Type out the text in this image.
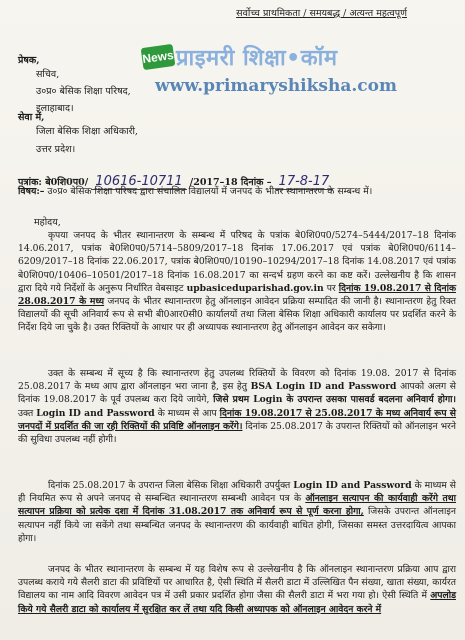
सर्वोच्च प्राथमिकता / समयबद्ध / अत्यन्त महत्वपूर्ण
News प्राइमरी शिक्षा•कॉम
www.primaryshiksha.com
प्रेषक,
सचिव,
उ०प्र० बेसिक शिक्षा परिषद,
इलाहाबाद।
सेवा में,
जिला बेसिक शिक्षा अधिकारी,
उत्तर प्रदेश।
पत्रांक: बे0शि0प0/ 10616-10711 /2017–18 दिनांक – 17-8-17
विषय:– उ०प्र० बेसिक शिक्षा परिषद द्वारा संचालित विद्यालयों में जनपद के भीतर स्थानान्तरण के सम्बन्ध में।
महोदय,
कृपया जनपद के भीतर स्थानान्तरण के सम्बन्ध में परिषद के पत्रांक बे0शि0प0/5274–5444/2017–18 दिनांक 14.06.2017, पत्रांक बे0शि0प0/5714–5809/2017–18 दिनांक 17.06.2017 एवं पत्रांक बे0शि0प0/6114–6209/2017–18 दिनांक 22.06.2017, पत्रांक बे0शि0प0/10190–10294/2017–18 दिनांक 14.08.2017 एवं पत्रांक बे0शि0प0/10406–10501/2017–18 दिनांक 16.08.2017 का सन्दर्भ ग्रहण करने का कष्ट करें। उल्लेखनीय है कि शासन द्वारा दिये गये निर्देशों के अनुरूप निर्धारित वेबसाइट upbasiceduparishad.gov.in पर दिनांक 19.08.2017 से दिनांक 28.08.2017 के मध्य जनपद के भीतर स्थानान्तरण हेतु ऑनलाइन आवेदन प्रक्रिया सम्पादित की जानी है। स्थानान्तरण हेतु रिक्त विद्यालयों की सूची अनिवार्य रूप से सभी बी0आर0सी0 कार्यालयों तथा जिला बेसिक शिक्षा अधिकारी कार्यालय पर प्रदर्शित करने के निर्देश दिये जा चुके है। उक्त रिक्तियों के आधार पर ही अध्यापक स्थानान्तरण हेतु ऑनलाइन आवेदन कर सकेगा।
उक्त के सम्बन्ध में सूच्य है कि स्थानान्तरण हेतु उपलब्ध रिक्तियों के विवरण को दिनांक 19.08. 2017 से दिनांक 25.08.2017 के मध्य आप द्वारा ऑनलाइन भरा जाना है, इस हेतु BSA Login ID and Password आपको अलग से दिनांक 19.08.2017 के पूर्व उपलब्ध करा दिये जायेगे, जिसे प्रथम Login के उपरान्त उसका पासवर्ड बदलना अनिवार्य होगा। उक्त Login ID and Password के माध्यम से आप दिनांक 19.08.2017 से 25.08.2017 के मध्य अनिवार्य रूप से जनपदों में प्रदर्शित की जा रही रिक्तियों की प्रविष्टि ऑनलाइन करेंगे। दिनांक 25.08.2017 के उपरान्त रिक्तियों को ऑनलाइन भरने की सुविधा उपलब्ध नहीं होगी।
दिनांक 25.08.2017 के उपरान्त जिला बेसिक शिक्षा अधिकारी उपर्युक्त Login ID and Password के माध्यम से ही नियमित रूप से अपने जनपद से सम्बन्धित स्थानान्तरण सम्बन्धी आवेदन पत्र के ऑनलाइन सत्यापन की कार्यवाही करेंगे तथा सत्यापन प्रक्रिया को प्रत्येक दशा में दिनांक 31.08.2017 तक अनिवार्य रूप से पूर्ण करना होगा, जिसके उपरान्त ऑनलाइन सत्यापन नहीं किये जा सकेंगे तथा सम्बन्धित जनपद के स्थानान्तरण की कार्यवाही बाधित होगी, जिसका समस्त उत्तरदायित्व आपका होगा।
जनपद के भीतर स्थानान्तरण के सम्बन्ध में यह विशेष रूप से उल्लेखनीय है कि ऑनलाइन स्थानान्तरण प्रक्रिया आप द्वारा उपलब्ध कराये गये सैलरी डाटा की प्रविष्टियों पर आधारित है, ऐसी स्थिति में सैलरी डाटा में उल्लिखित पैन संख्या, खाता संख्या, कार्यरत विद्यालय का नाम आदि विवरण आवेदन पत्र में उसी प्रकार प्रदर्शित होगा जैसा की सैलरी डाटा में भरा गया हो। ऐसी स्थिति में अपलोड किये गये सैलरी डाटा को कार्यालय में सुरक्षित कर लें तथा यदि किसी अध्यापक को ऑनलाइन आवेदन करने में
